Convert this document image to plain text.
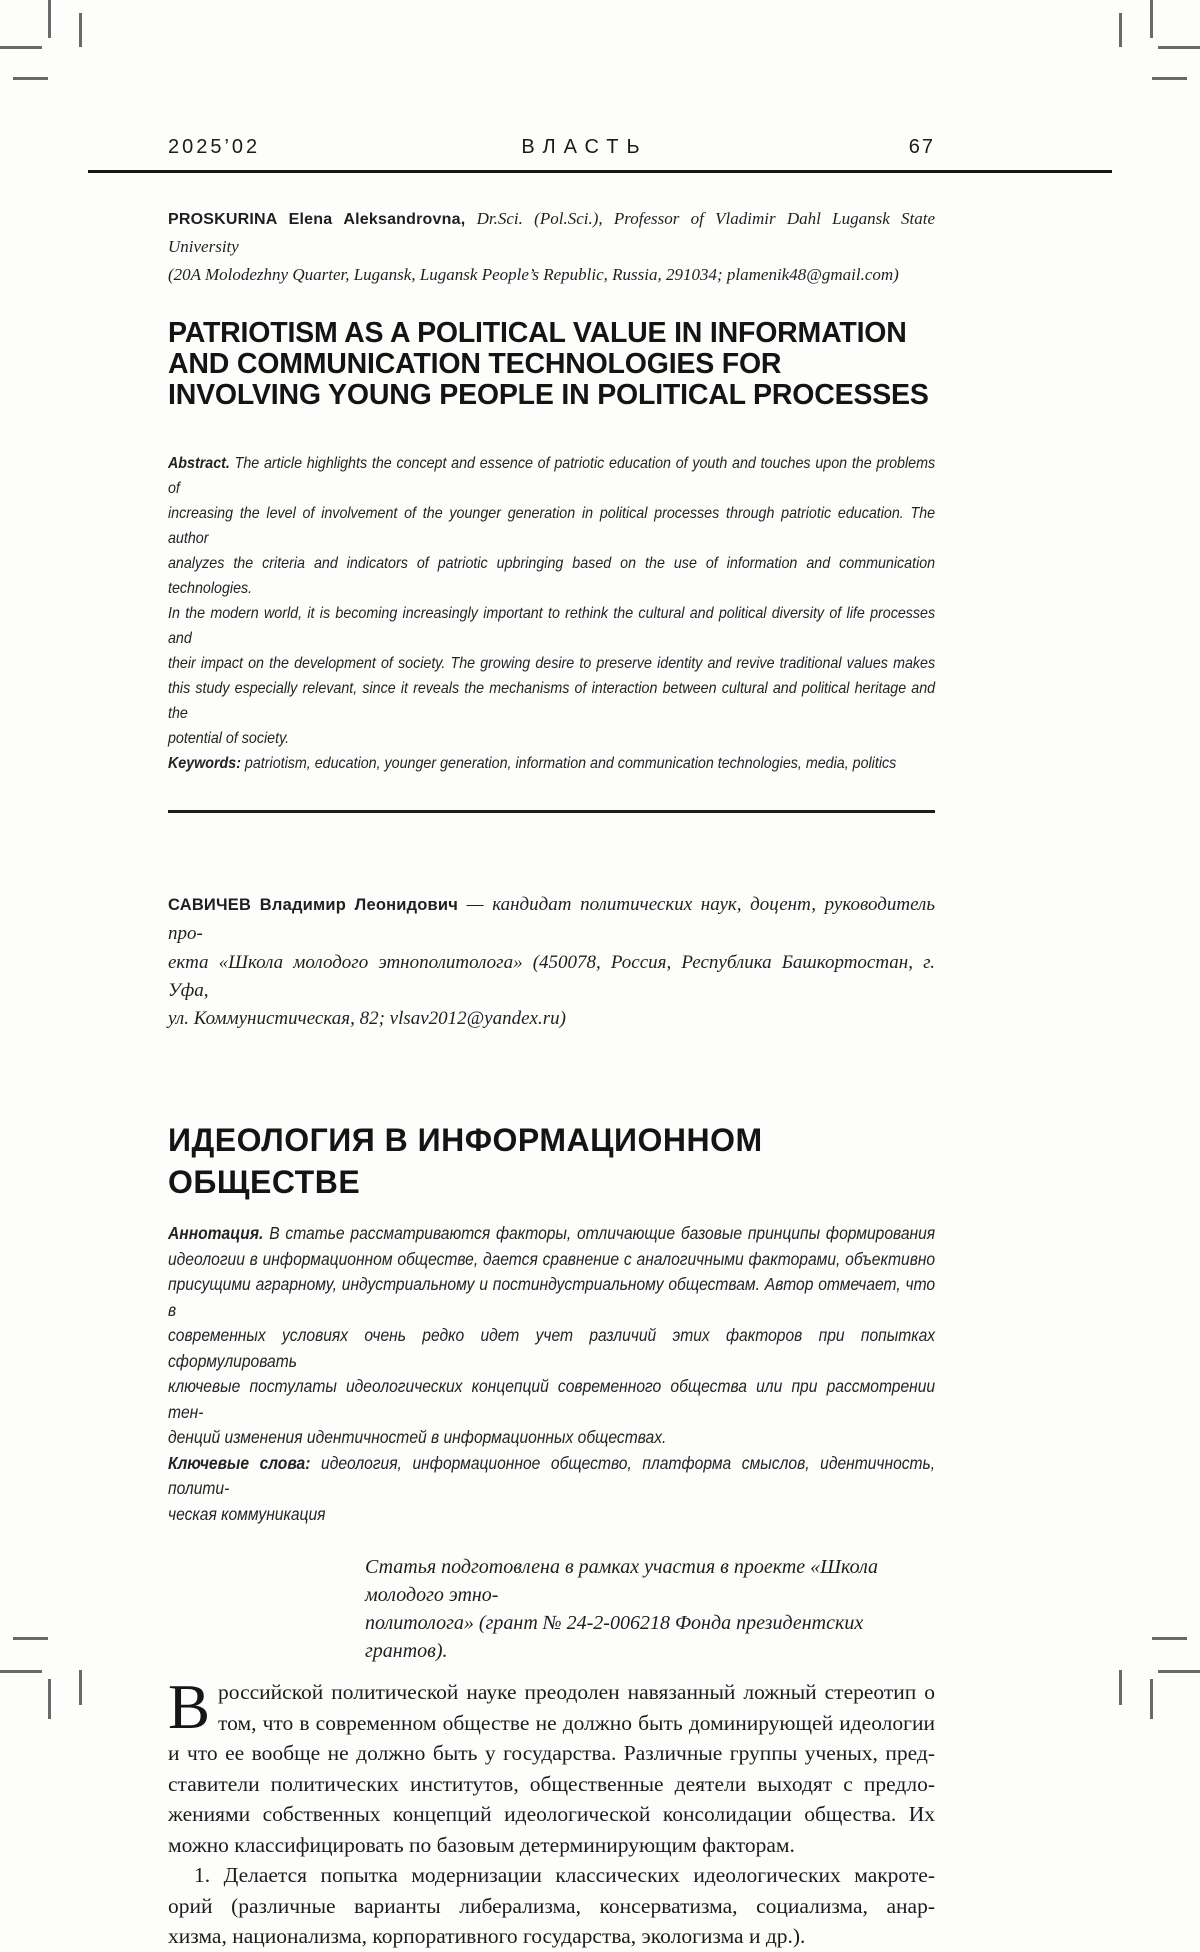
2025’02	ВЛАСТЬ	67
PROSKURINA Elena Aleksandrovna, Dr.Sci. (Pol.Sci.), Professor of Vladimir Dahl Lugansk State University
(20A Molodezhny Quarter, Lugansk, Lugansk People’s Republic, Russia, 291034; plamenik48@gmail.com)
PATRIOTISM AS A POLITICAL VALUE IN INFORMATION
AND COMMUNICATION TECHNOLOGIES FOR
INVOLVING YOUNG PEOPLE IN POLITICAL PROCESSES
Abstract. The article highlights the concept and essence of patriotic education of youth and touches upon the problems of
increasing the level of involvement of the younger generation in political processes through patriotic education. The author
analyzes the criteria and indicators of patriotic upbringing based on the use of information and communication technologies.
In the modern world, it is becoming increasingly important to rethink the cultural and political diversity of life processes and
their impact on the development of society. The growing desire to preserve identity and revive traditional values makes
this study especially relevant, since it reveals the mechanisms of interaction between cultural and political heritage and the
potential of society.
Keywords: patriotism, education, younger generation, information and communication technologies, media, politics
САВИЧЕВ Владимир Леонидович — кандидат политических наук, доцент, руководитель про-
екта «Школа молодого этнополитолога» (450078, Россия, Республика Башкортостан, г. Уфа,
ул. Коммунистическая, 82; vlsav2012@yandex.ru)
ИДЕОЛОГИЯ В ИНФОРМАЦИОННОМ
ОБЩЕСТВЕ
Аннотация. В статье рассматриваются факторы, отличающие базовые принципы формирования
идеологии в информационном обществе, дается сравнение с аналогичными факторами, объективно
присущими аграрному, индустриальному и постиндустриальному обществам. Автор отмечает, что в
современных условиях очень редко идет учет различий этих факторов при попытках сформулировать
ключевые постулаты идеологических концепций современного общества или при рассмотрении тен-
денций изменения идентичностей в информационных обществах.
Ключевые слова: идеология, информационное общество, платформа смыслов, идентичность, полити-
ческая коммуникация
Статья подготовлена в рамках участия в проекте «Школа молодого этно-
политолога» (грант № 24-2-006218 Фонда президентских грантов).
В российской политической науке преодолен навязанный ложный стереотип о
том, что в современном обществе не должно быть доминирующей идеологии
и что ее вообще не должно быть у государства. Различные группы ученых, пред-
ставители политических институтов, общественные деятели выходят с предло-
жениями собственных концепций идеологической консолидации общества. Их
можно классифицировать по базовым детерминирующим факторам.
1. Делается попытка модернизации классических идеологических макроте-
орий (различные варианты либерализма, консерватизма, социализма, анар-
хизма, национализма, корпоративного государства, экологизма и др.).
